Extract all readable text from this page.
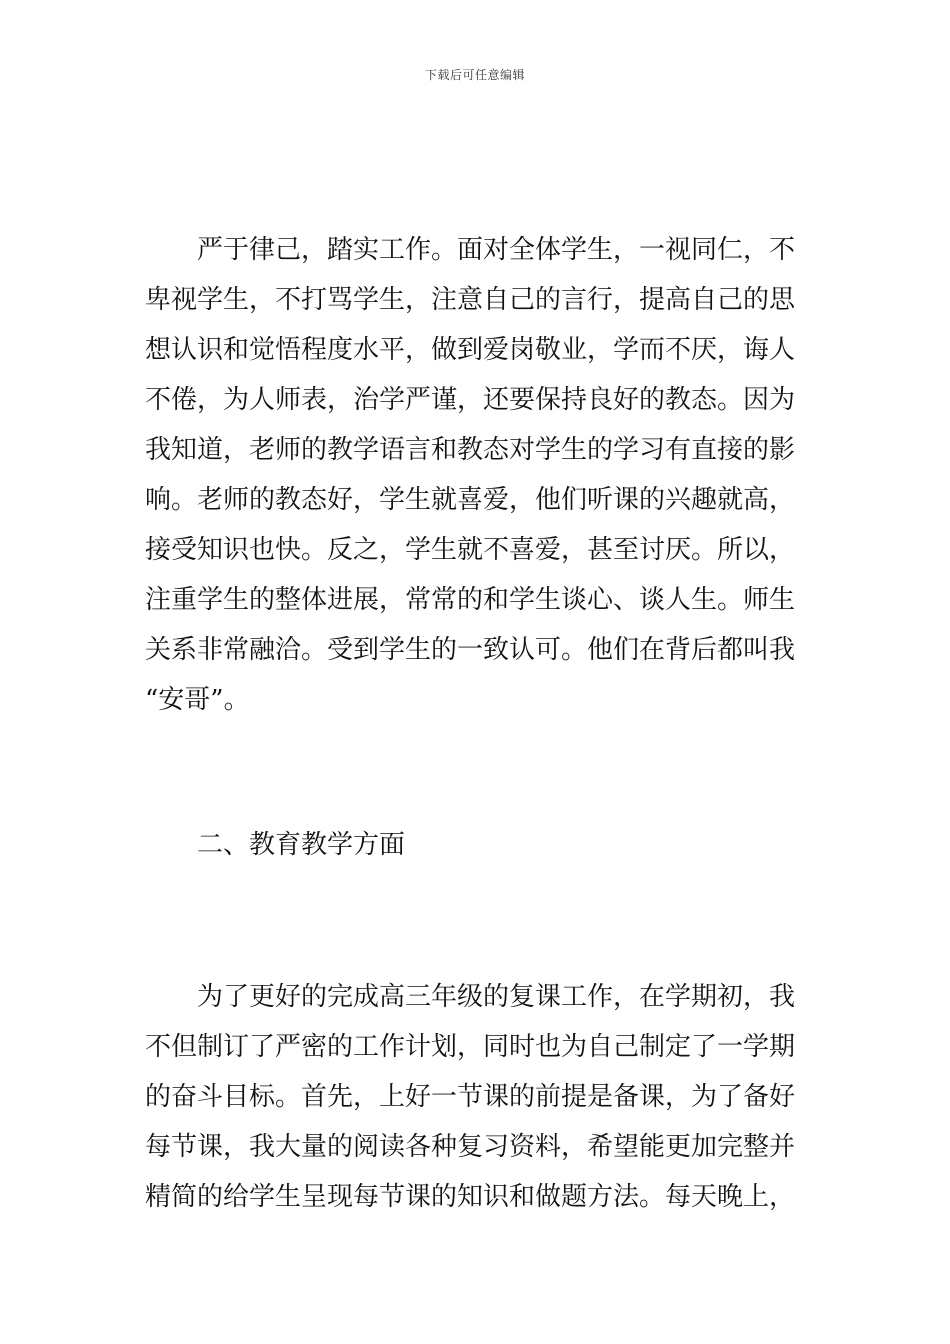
下载后可任意编辑
　　严于律己，踏实工作。面对全体学生，一视同仁，不
卑视学生，不打骂学生，注意自己的言行，提高自己的思
想认识和觉悟程度水平，做到爱岗敬业，学而不厌，诲人
不倦，为人师表，治学严谨，还要保持良好的教态。因为
我知道，老师的教学语言和教态对学生的学习有直接的影
响。老师的教态好，学生就喜爱，他们听课的兴趣就高，
接受知识也快。反之，学生就不喜爱，甚至讨厌。所以，
注重学生的整体进展，常常的和学生谈心、谈人生。师生
关系非常融洽。受到学生的一致认可。他们在背后都叫我
“安哥”。
　　二、教育教学方面
　　为了更好的完成高三年级的复课工作，在学期初，我
不但制订了严密的工作计划，同时也为自己制定了一学期
的奋斗目标。首先，上好一节课的前提是备课，为了备好
每节课，我大量的阅读各种复习资料，希望能更加完整并
精简的给学生呈现每节课的知识和做题方法。每天晚上，
